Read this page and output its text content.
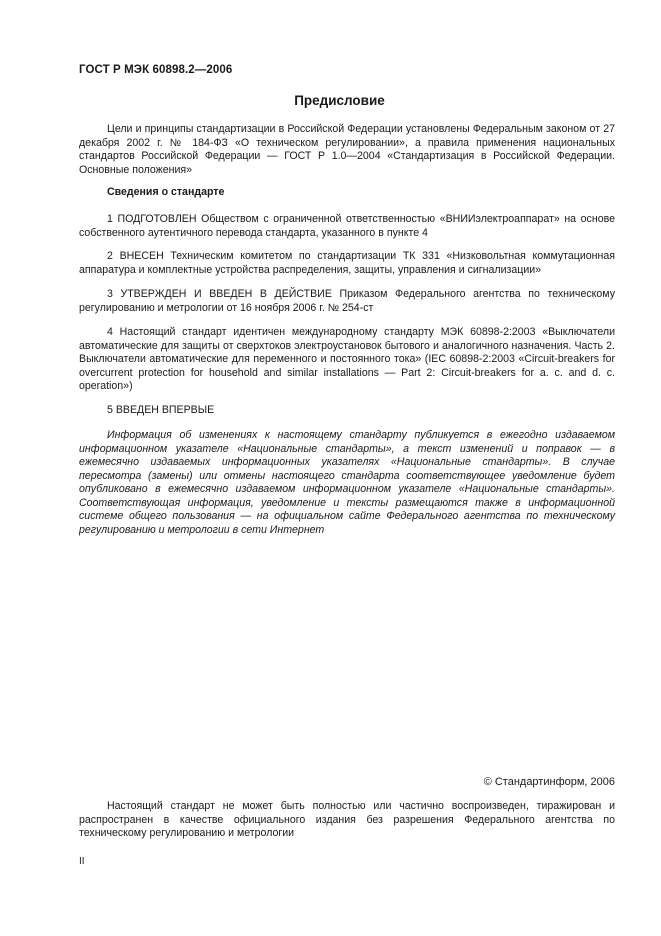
ГОСТ Р МЭК 60898.2—2006
Предисловие

Цели и принципы стандартизации в Российской Федерации установлены Федеральным законом от 27 декабря 2002 г. № 184-ФЗ «О техническом регулировании», а правила применения национальных стандартов Российской Федерации — ГОСТ Р 1.0—2004 «Стандартизация в Российской Федерации. Основные положения»

Сведения о стандарте

1 ПОДГОТОВЛЕН Обществом с ограниченной ответственностью «ВНИИэлектроаппарат» на основе собственного аутентичного перевода стандарта, указанного в пункте 4

2 ВНЕСЕН Техническим комитетом по стандартизации ТК 331 «Низковольтная коммутационная аппаратура и комплектные устройства распределения, защиты, управления и сигнализации»

3 УТВЕРЖДЕН И ВВЕДЕН В ДЕЙСТВИЕ Приказом Федерального агентства по техническому регулированию и метрологии от 16 ноября 2006 г. № 254-ст

4 Настоящий стандарт идентичен международному стандарту МЭК 60898-2:2003 «Выключатели автоматические для защиты от сверхтоков электроустановок бытового и аналогичного назначения. Часть 2. Выключатели автоматические для переменного и постоянного тока» (IEC 60898-2:2003 «Circuit-breakers for overcurrent protection for household and similar installations — Part 2: Circuit-breakers for a. c. and d. c. operation»)

5 ВВЕДЕН ВПЕРВЫЕ

Информация об изменениях к настоящему стандарту публикуется в ежегодно издаваемом информационном указателе «Национальные стандарты», а текст изменений и поправок — в ежемесячно издаваемых информационных указателях «Национальные стандарты». В случае пересмотра (замены) или отмены настоящего стандарта соответствующее уведомление будет опубликовано в ежемесячно издаваемом информационном указателе «Национальные стандарты». Соответствующая информация, уведомление и тексты размещаются также в информационной системе общего пользования — на официальном сайте Федерального агентства по техническому регулированию и метрологии в сети Интернет

© Стандартинформ, 2006

Настоящий стандарт не может быть полностью или частично воспроизведен, тиражирован и распространен в качестве официального издания без разрешения Федерального агентства по техническому регулированию и метрологии

II
